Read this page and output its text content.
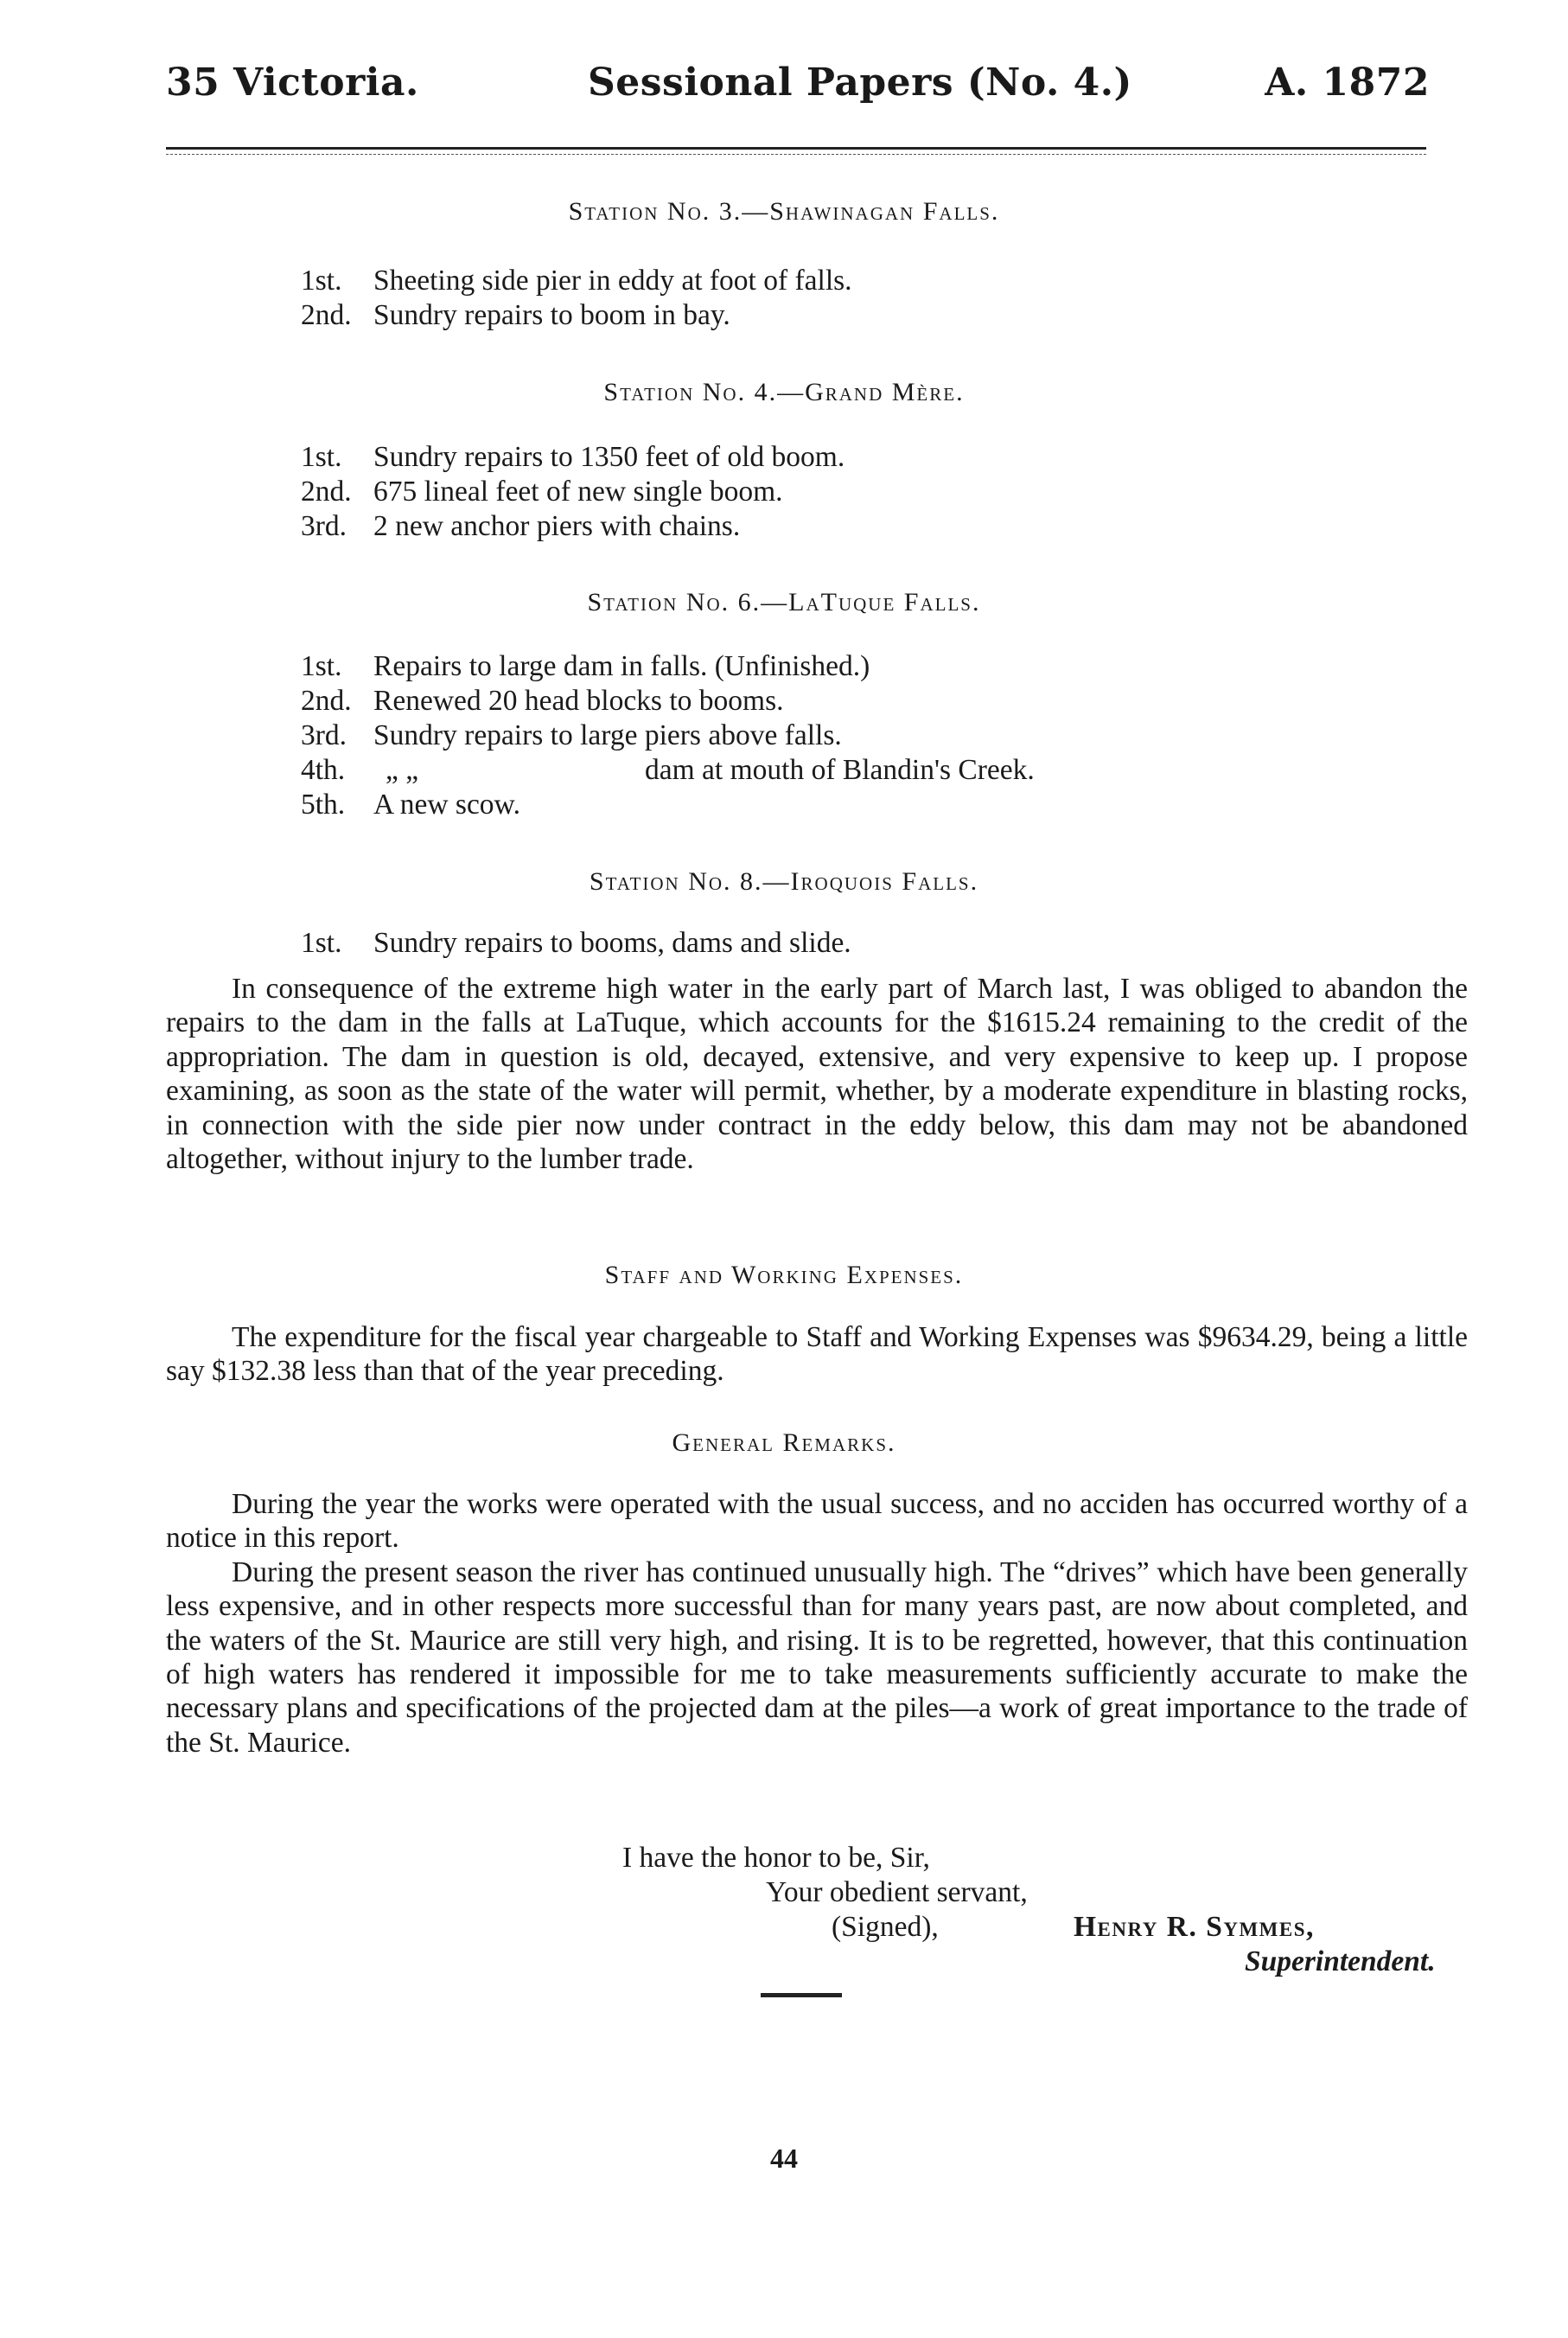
35 Victoria.	Sessional Papers (No. 4.)	A. 1872
Station No. 3.—Shawinagan Falls.
1st. Sheeting side pier in eddy at foot of falls.
2nd. Sundry repairs to boom in bay.
Station No. 4.—Grand Mère.
1st. Sundry repairs to 1350 feet of old boom.
2nd. 675 lineal feet of new single boom.
3rd. 2 new anchor piers with chains.
Station No. 6.—LaTuque Falls.
1st. Repairs to large dam in falls. (Unfinished.)
2nd. Renewed 20 head blocks to booms.
3rd. Sundry repairs to large piers above falls.
4th. „ „	dam at mouth of Blandin's Creek.
5th. A new scow.
Station No. 8.—Iroquois Falls.
1st. Sundry repairs to booms, dams and slide.

In consequence of the extreme high water in the early part of March last, I was obliged to abandon the repairs to the dam in the falls at LaTuque, which accounts for the $1615.24 remaining to the credit of the appropriation. The dam in question is old, decayed, extensive, and very expensive to keep up. I propose examining, as soon as the state of the water will permit, whether, by a moderate expenditure in blasting rocks, in connection with the side pier now under contract in the eddy below, this dam may not be abandoned altogether, without injury to the lumber trade.

Staff and Working Expenses.

The expenditure for the fiscal year chargeable to Staff and Working Expenses was $9634.29, being a little say $132.38 less than that of the year preceding.

General Remarks.

During the year the works were operated with the usual success, and no acciden has occurred worthy of a notice in this report.

During the present season the river has continued unusually high. The “drives” which have been generally less expensive, and in other respects more successful than for many years past, are now about completed, and the waters of the St. Maurice are still very high, and rising. It is to be regretted, however, that this continuation of high waters has rendered it impossible for me to take measurements sufficiently accurate to make the necessary plans and specifications of the projected dam at the piles—a work of great importance to the trade of the St. Maurice.

I have the honor to be, Sir,
Your obedient servant,
(Signed),	Henry R. Symmes,
Superintendent.
44
